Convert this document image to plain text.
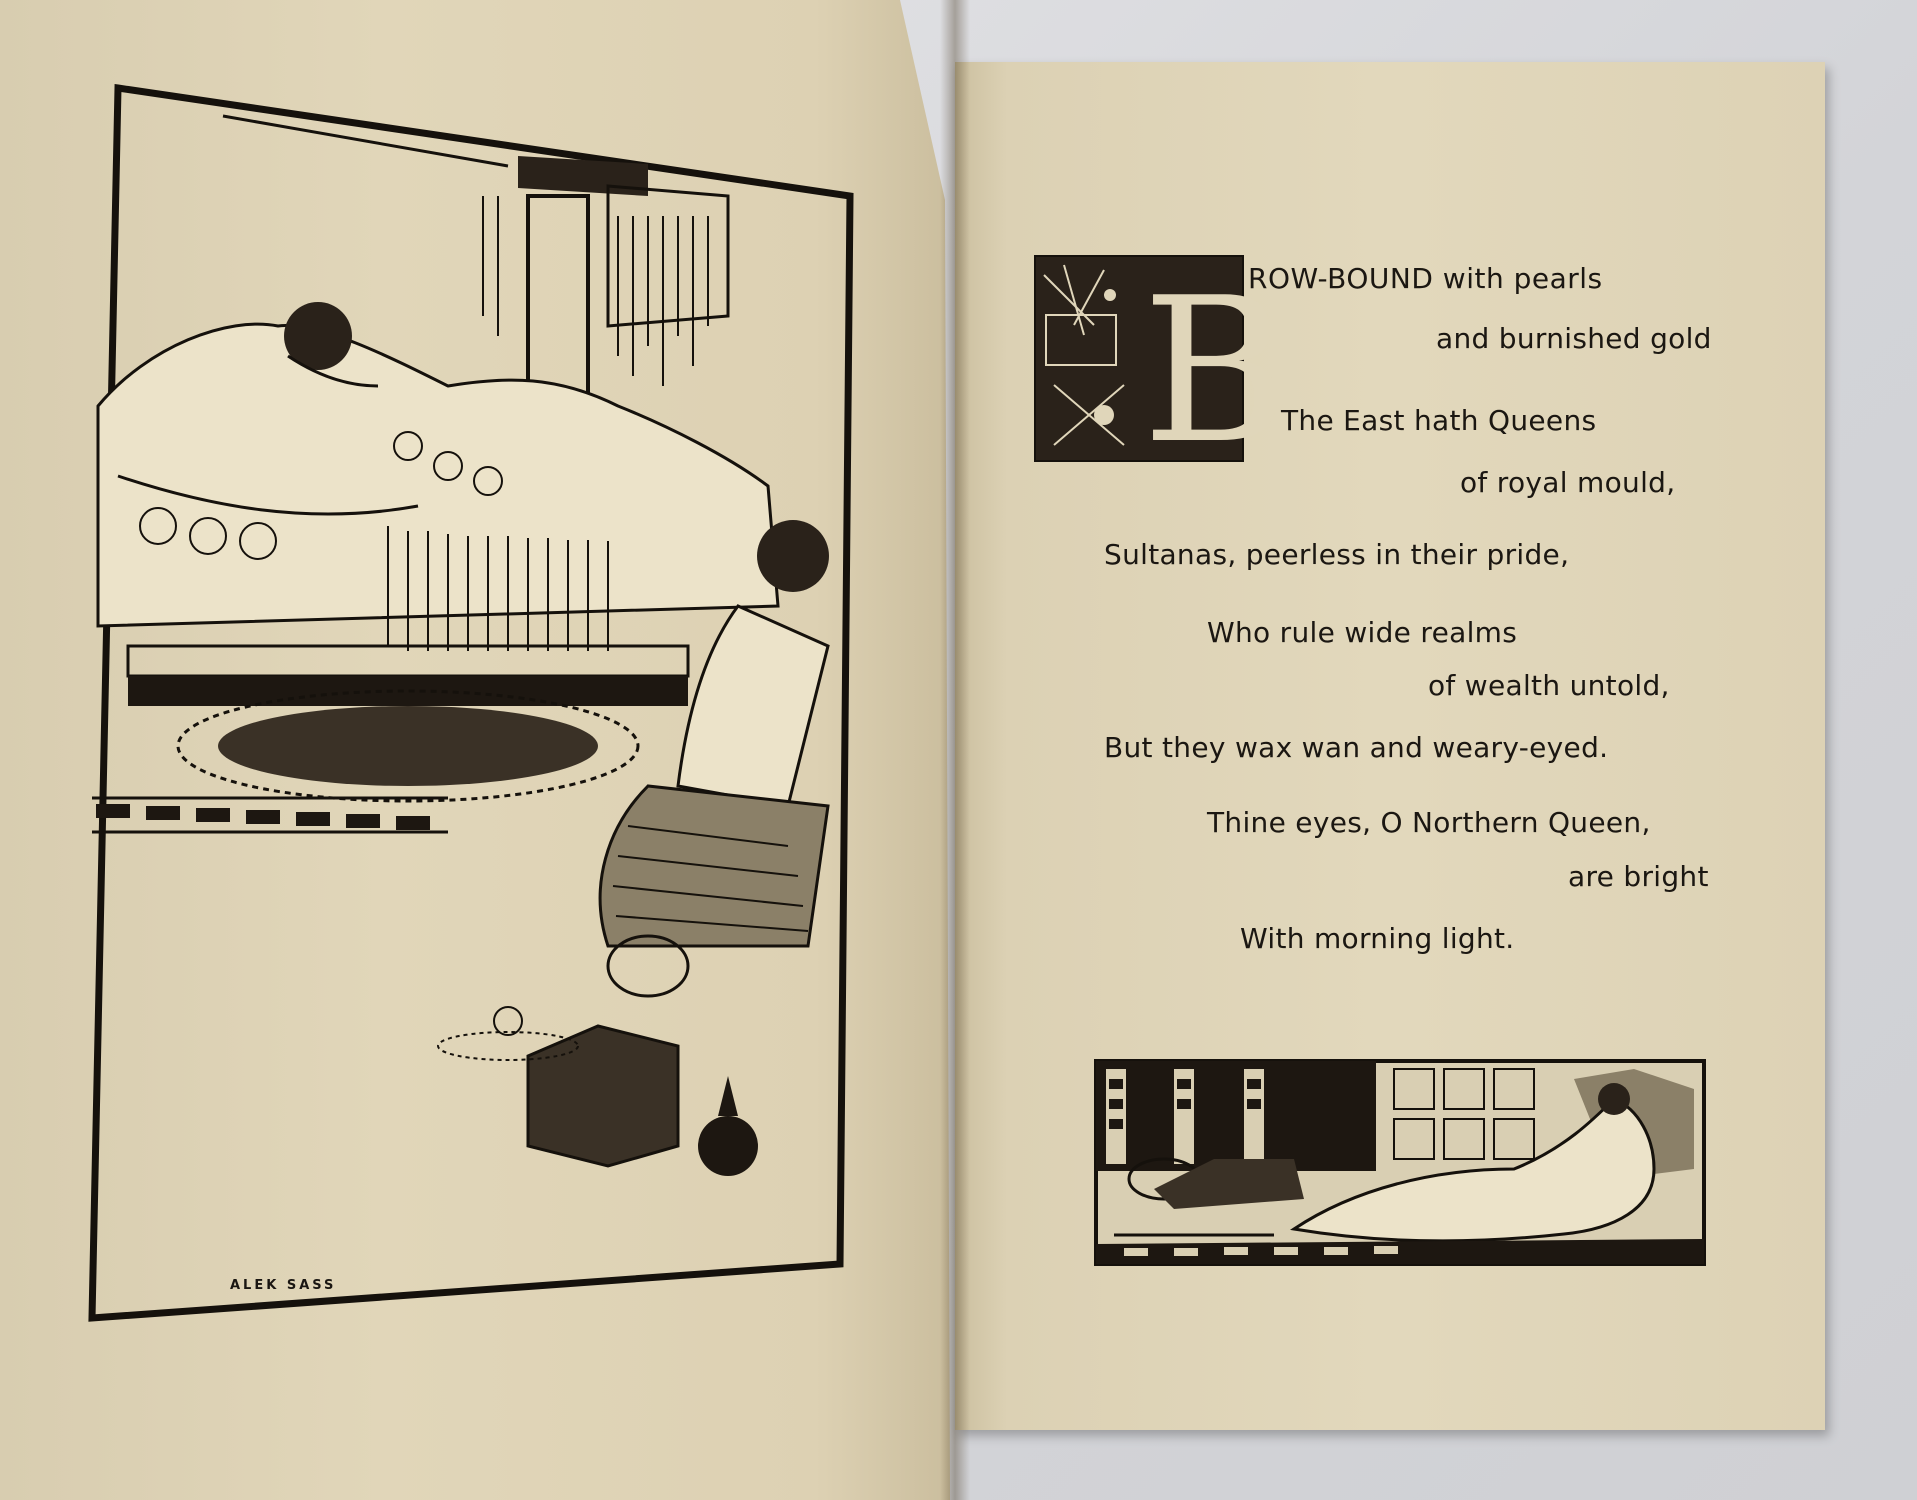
ALEK SASS
B
ROW-BOUND with pearls
and burnished gold
The East hath Queens
of royal mould,
Sultanas, peerless in their pride,
Who rule wide realms
of wealth untold,
But they wax wan and weary-eyed.
Thine eyes, O Northern Queen,
are bright
With morning light.
